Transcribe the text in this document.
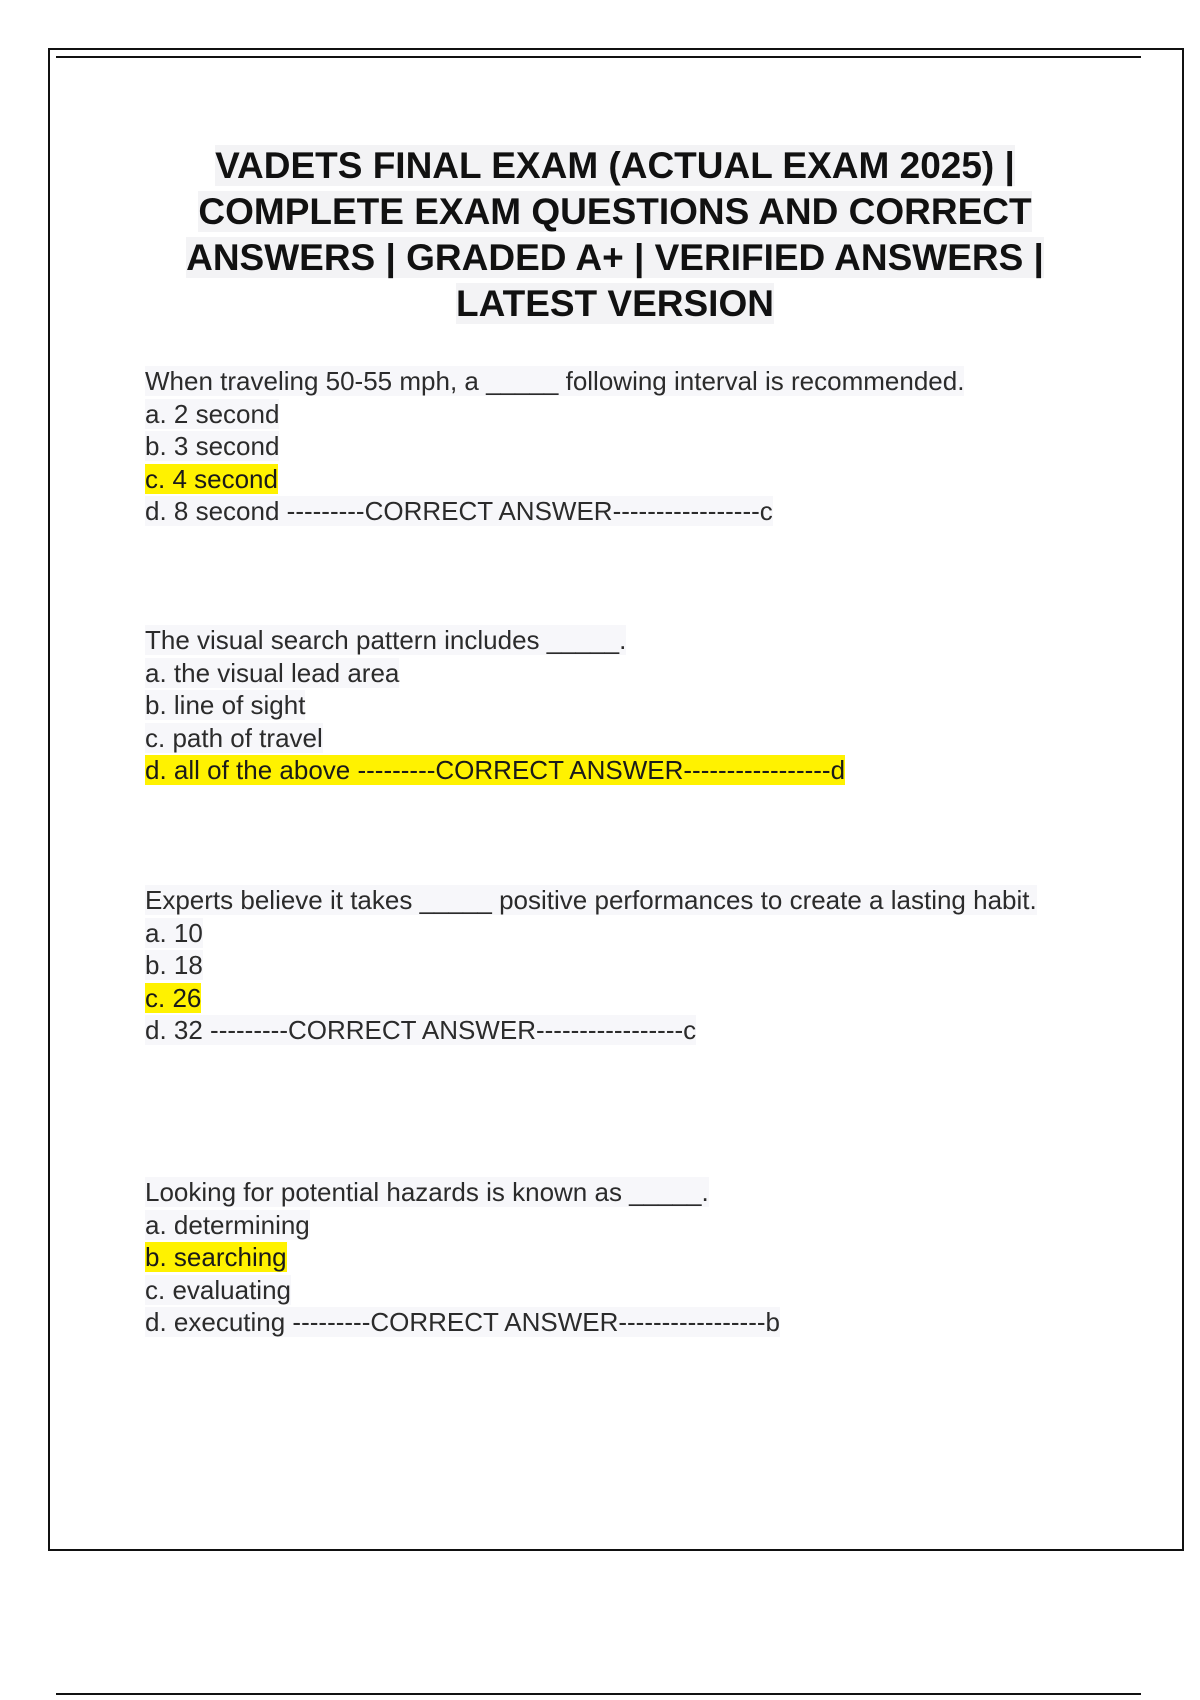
VADETS FINAL EXAM (ACTUAL EXAM 2025) | COMPLETE EXAM QUESTIONS AND CORRECT ANSWERS | GRADED A+ | VERIFIED ANSWERS | LATEST VERSION
When traveling 50-55 mph, a _____ following interval is recommended.
a. 2 second
b. 3 second
c. 4 second
d. 8 second ---------CORRECT ANSWER-----------------c
The visual search pattern includes _____.
a. the visual lead area
b. line of sight
c. path of travel
d. all of the above ---------CORRECT ANSWER-----------------d
Experts believe it takes _____ positive performances to create a lasting habit.
a. 10
b. 18
c. 26
d. 32 ---------CORRECT ANSWER-----------------c
Looking for potential hazards is known as _____.
a. determining
b. searching
c. evaluating
d. executing ---------CORRECT ANSWER-----------------b
